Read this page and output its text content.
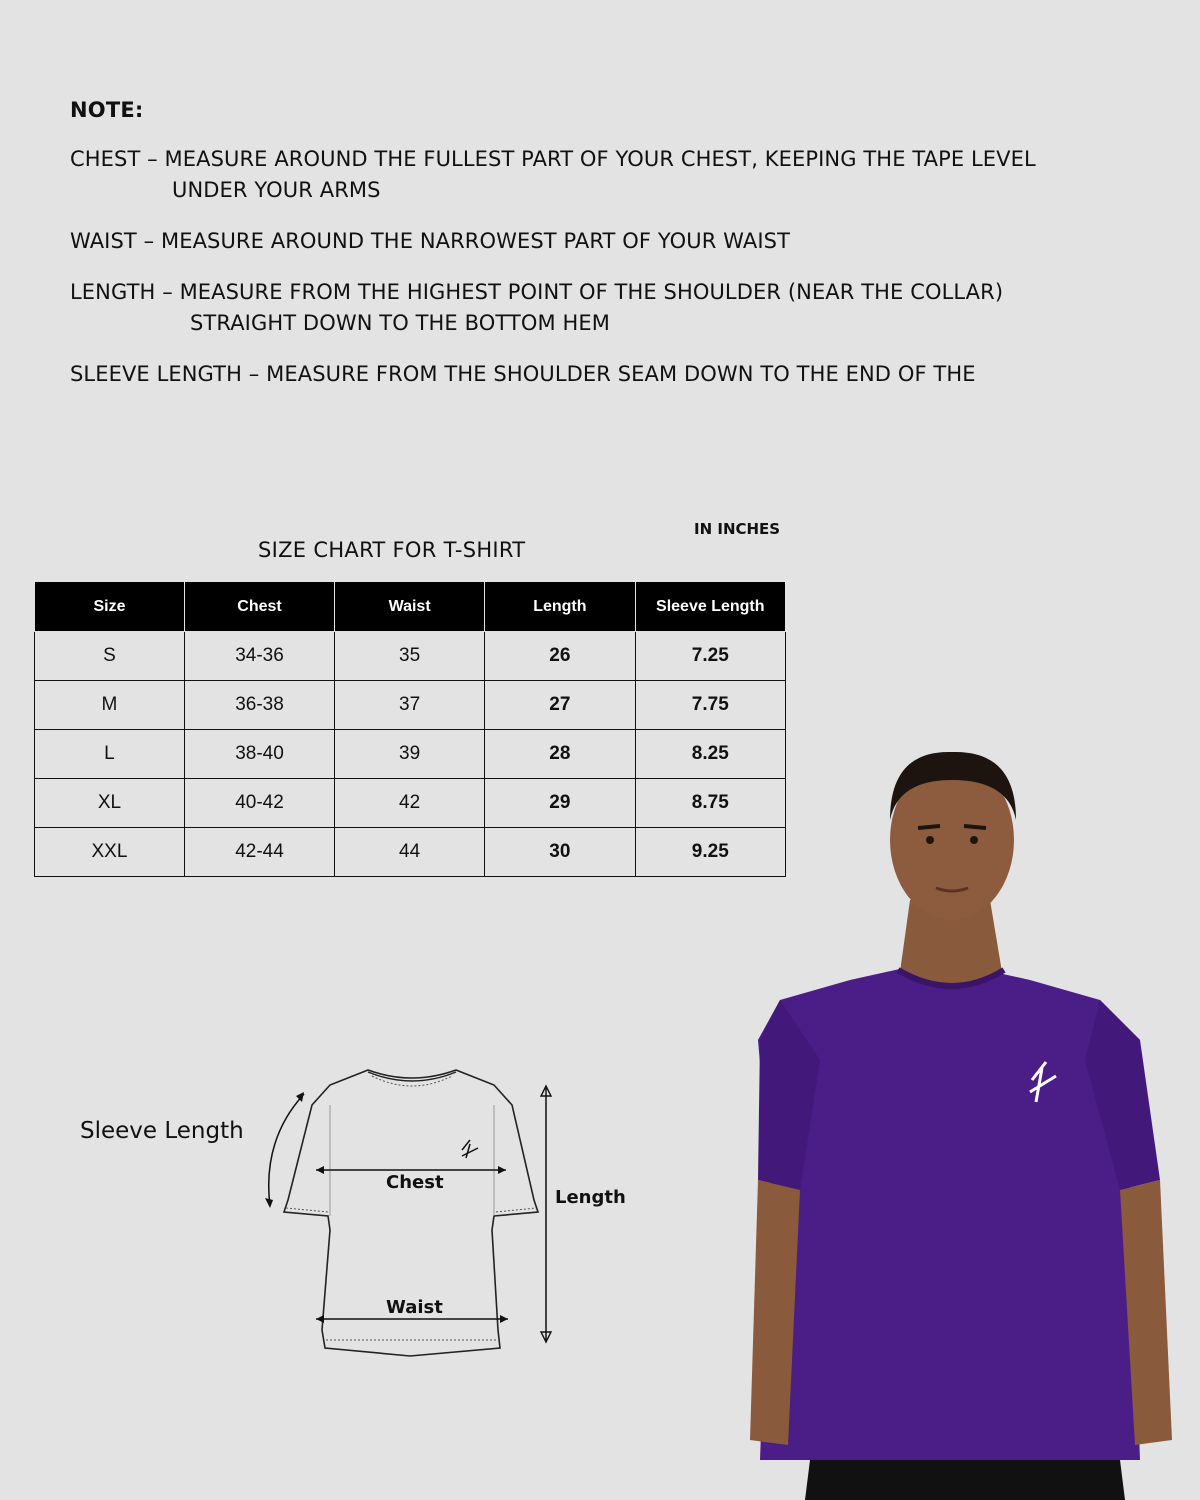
NOTE:
CHEST – MEASURE AROUND THE FULLEST PART OF YOUR CHEST, KEEPING THE TAPE LEVEL
UNDER YOUR ARMS
WAIST – MEASURE AROUND THE NARROWEST PART OF YOUR WAIST
LENGTH – MEASURE FROM THE HIGHEST POINT OF THE SHOULDER (NEAR THE COLLAR)
STRAIGHT DOWN TO THE BOTTOM HEM
SLEEVE LENGTH – MEASURE FROM THE SHOULDER SEAM DOWN TO THE END OF THE
IN INCHES
SIZE CHART FOR T-SHIRT
Size	Chest	Waist	Length	Sleeve Length
S	34-36	35	26	7.25
M	36-38	37	27	7.75
L	38-40	39	28	8.25
XL	40-42	42	29	8.75
XXL	42-44	44	30	9.25
Sleeve Length
Chest
Waist
Length
